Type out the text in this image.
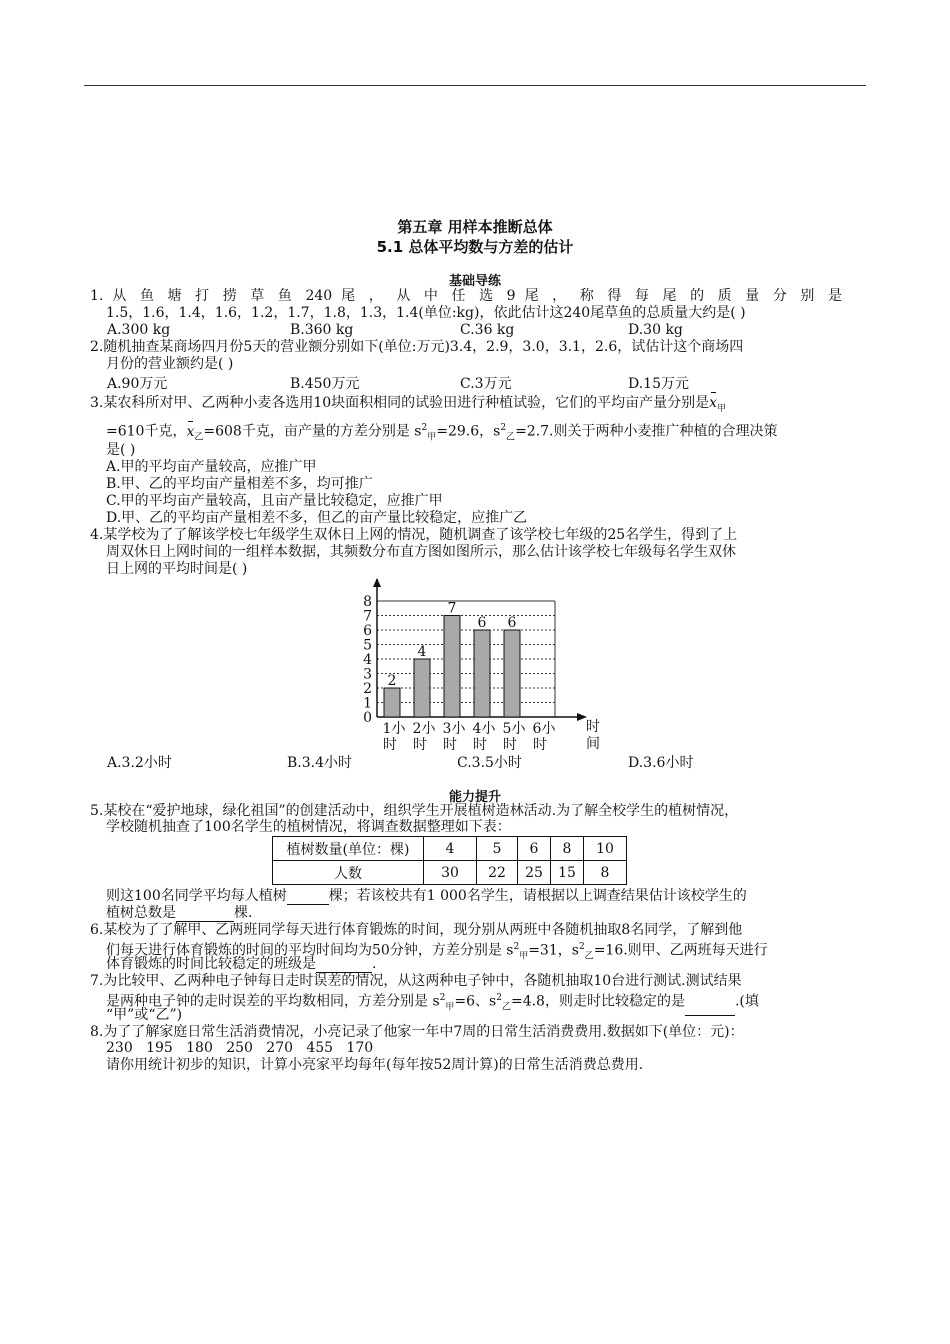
第五章 用样本推断总体
5.1 总体平均数与方差的估计
基础导练
1. 从 鱼 塘 打 捞 草 鱼 240 尾 ， 从 中 任 选 9 尾 ， 称 得 每 尾 的 质 量 分 别 是
1.5，1.6，1.4，1.6，1.2，1.7，1.8，1.3，1.4(单位:kg)，依此估计这240尾草鱼的总质量大约是( )
A.300 kg	B.360 kg	C.36 kg	D.30 kg
2.随机抽查某商场四月份5天的营业额分别如下(单位:万元)3.4，2.9，3.0，3.1，2.6，试估计这个商场四
月份的营业额约是( )
A.90万元	B.450万元	C.3万元	D.15万元
3.某农科所对甲、乙两种小麦各选用10块面积相同的试验田进行种植试验，它们的平均亩产量分别是$x_甲$
=610千克，$x_乙=608$千克，亩产量的方差分别是 $s^2_甲=29.6$，$s^2_乙=2.7$.则关于两种小麦推广种植的合理决策
是( )
A.甲的平均亩产量较高，应推广甲
B.甲、乙的平均亩产量相差不多，均可推广
C.甲的平均亩产量较高，且亩产量比较稳定，应推广甲
D.甲、乙的平均亩产量相差不多，但乙的亩产量比较稳定，应推广乙
4.某学校为了了解该学校七年级学生双休日上网的情况，随机调查了该学校七年级的25名学生，得到了上
周双休日上网时间的一组样本数据，其频数分布直方图如图所示，那么估计该学校七年级每名学生双休
日上网的平均时间是( )
0
1
2
3
4
5
6
7
8
2
1小
时
4
2小
时
7
3小
时
6
4小
时
6
5小
时
6小
时
时
间
A.3.2小时	B.3.4小时	C.3.5小时	D.3.6小时
能力提升
5.某校在“爱护地球，绿化祖国”的创建活动中，组织学生开展植树造林活动.为了解全校学生的植树情况，
学校随机抽查了100名学生的植树情况，将调查数据整理如下表：
植树数量(单位：棵)	4	5	6	8	10
人数	30	22	25	15	8
则这100名同学平均每人植树	棵；若该校共有1 000名学生，请根据以上调查结果估计该校学生的
植树总数是	棵.
6.某校为了了解甲、乙两班同学每天进行体育锻炼的时间，现分别从两班中各随机抽取8名同学，了解到他
们每天进行体育锻炼的时间的平均时间均为50分钟，方差分别是 $s^2_甲=31$，$s^2_乙=16$.则甲、乙两班每天进行
体育锻炼的时间比较稳定的班级是	.
7.为比较甲、乙两种电子钟每日走时误差的情况，从这两种电子钟中，各随机抽取10台进行测试.测试结果
是两种电子钟的走时误差的平均数相同，方差分别是 $s^2_甲=6$、$s^2_乙=4.8$，则走时比较稳定的是	.(填
“甲”或“乙”)
8.为了了解家庭日常生活消费情况，小亮记录了他家一年中7周的日常生活消费费用.数据如下(单位：元)：
230   195   180   250   270   455   170
请你用统计初步的知识，计算小亮家平均每年(每年按52周计算)的日常生活消费总费用.
